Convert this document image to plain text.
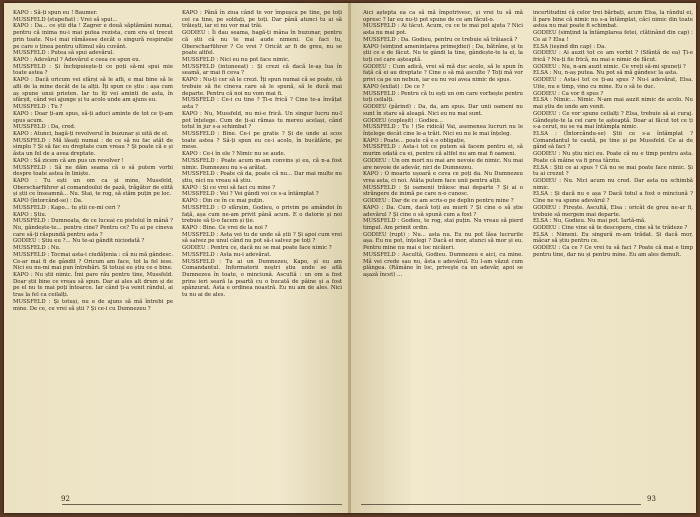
KAPO : Să-ți spun eu ! Baumer.

MUSSFELD (stupefiat) : Vrei să spui...

KAPO : Da... ce știi dta ! Zagrer e două săptămâni numai, pentru că inima nu-i mai putea rezista, cum era el trecut prin toate. Nu-i mai rămăsese decât o singură respirație pe care o ținea pentru ultimul său cuvânt.

MUSSFELD : Putea să spui adevărul.

KAPO : Adevărul ? Adevărul e ceea ce spun eu.

MUSSFELD : Și închipuiește-ți ce poți să-mi spui mie toate astea ?

KAPO : Dacă oricum vei sfârși să le afli, e mai bine să le afli de la mine decât de la alții. Îți spun ce știu : așa cum aș spune unui prieten. Iar tu îți vei aminti de asta, în sfârșit, când vei ajunge și tu acolo unde am ajuns eu.

MUSSFELD : Tu ?

KAPO : Doar ți-am spus, să-ți aduci aminte de tot ce ți-am spus acum.

MUSSFELD : Da, cred.

KAPO : Atunci, bagă-ți revolverul în buzunar și uită de el.

MUSSFELD : Mă lăsați numai : de ce să nu fac atât de simplu ? Și să fac eu dreptate cum vreau ? Și poate că e și ăsta un fel de a avea dreptate.

KAPO : Să zicem că am pus un revolver !

MUSSFELD : Să ne dăm seama că o să putem vorbi despre toate astea în liniște.

KAPO : Tu ești un om ca și mine, Mussfeld, Oberscharführer al comandoului de pază, trăgător de elită și știi ce înseamnă... Nu. Stai, te rog, să stăm puțin pe loc.

KAPO (întorcând-se) : Da.

MUSSFELD : Kapo... tu știi ce-mi ceri ?

KAPO : Știu.

MUSSFELD : Dumneata, de ce luceai cu pistolul în mână ? Nu, gândește-te... pentru cine? Pentru ce? Tu ai pe cineva care să-ți răspundă pentru asta ?

GODIEU : Știu eu ?... Nu te-ai gândit niciodată ?

MUSSFELD : Nu.

MUSSFELD : Tocmai asta-i ciudățenia : că nu mă gândesc. Ce-ar mai fi de gândit ? Oricum am face, tot la fel iese. Nici eu nu-mi mai pun întrebări. Și totuși eu știu ce e bine.

KAPO : Nu știi nimic. Îmi pare rău pentru tine, Mussfeld. Doar știi bine ce vreau să spun. Dar ai ales alt drum și de pe el nu te mai poți întoarce. Iar când ți-a venit rândul, ai tras la fel ca ceilalți.

MUSSFELD : Și totuși, nu e de ajuns să mă întrebi pe mine. De ce, ce vrei să știi ? Și ce-i cu Dumnezeu ?

KAPO : Până în ziua când te vor împușca pe tine, pe toți cei ca tine, pe soldați, pe toți. Dar până atunci tu ai să trăiești, iar ei nu vor mai trăi.

GODIEU : Îi dau seama, bagă-ți mâna în buzunar, pentru că știi că nu te mai aude nimeni. Ce faci tu, Oberscharführer ? Ce vrei ? Oricât ar fi de greu, nu se poate altfel.

MUSSFELD : Nici eu nu pot face nimic.

MUSSFELD (intuneeat) : Și crezi că dacă le-aș lua în seamă, ar mai fi ceva ?

KAPO : Nu-ți cer să le crezi. Îți spun numai că se poate, că trebuie să fie cineva care să le spună, să le ducă mai departe. Pentru că noi nu vom mai fi.

MUSSFELD : Ce-i cu tine ? Ți-e frică ? Cine te-a învățat asta ?

KAPO : Nu, Mussfeld, nu mi-e frică. Un singur lucru nu-l pot înțelege. Cum de ți-ai rămas tu mereu același, când totul în jur s-a schimbat ?

MUSSFELD : Bine. Ce-i pe gratis ? Și de unde ai scos toate astea ? Să-ți spun eu ce-i acolo, în bucătărie, pe mese.

KAPO : Ce-i în ele ? Nimic nu se aude.

MUSSFELD : Poate acum m-am convins și eu, că n-a fost nimic. Dumnezeu nu s-a arătat.

MUSSFELD : Poate că da, poate că nu... Dar mai multe nu știu, nici nu vreau să știu.

KAPO : Și ce vrei să faci cu mine ?

MUSSFELD : Vei ? Vei gândi voi ce s-a întâmplat ?

KAPO : Din ce în ce mai puțin.

MUSSFELD : O sfârșim, Godieu, o privim pe amândoi în față, așa cum ne-am privit până acum. E o datorie și noi trebuie să ți-o facem și ție.

KAPO : Bine. Ce vrei de la noi ?

MUSSFELD : Asta vei tu de unde să știi ? Și apoi cum vrei să salvez pe unul când nu pot să-i salvez pe toți ?

GODIEU : Pentru ce, dacă nu se mai poate face nimic ?

MUSSFELD : Asta nu-i adevărat.

MUSSFELD : Tu ai un Dumnezeu, Kapo, și eu am Comandantul. Informatorii noștri știu unde se află Dumnezeu în toate, o minciună. Ascultă : un om a fost prins ieri seară la poartă cu o bucată de pâine și a fost spânzurat. Asta e ordinea noastră. Eu nu am de ales. Nici tu nu ai de ales.

92

Aici aștepta ea ca să mă împotrivesc, și vrei tu să mă opresc ? Iar eu nu-ți pot spune de ce am făcut-o.

MUSSFELD : Ai tăcut. Acum, cu ce te mai pot ajuta ? Nici asta nu mai pot.

MUSSFELD : Da. Godieu, pentru ce trebuie să trăiască ?

KAPO (simțind amenințarea primejdiei) : Da, bătrâne, și tu știi ce e de făcut. Nu te gândi la tine, gândește-te la ei, la toți cei care așteaptă.

GODIEU : Cum adică, vrei să mă duc acolo, să le spun în față că ei au dreptate ? Cine o să mă asculte ? Toți mă vor privi ca pe un nebun, iar eu nu voi avea nimic de spus.

KAPO (exilat) : De ce ?

MUSSFELD : Pentru că tu ești un om care vorbește pentru toți ceilalți.

GODIEU (părind) : Da, da, am spus. Dar unii oameni nu sunt în stare să aleagă. Nici eu nu mai sunt.

GODIEU (copleșit) : Godieu...

MUSSFELD : Tu ! (Se ridică) Vai, asemenea lucruri nu le înțelege decât cine le-a trăit. Nici eu nu le mai înțeleg.

KAPO : Poate... poate că e o obligație.

MUSSFELD : Asta-i tot ce putem să facem pentru ei, să murim odată cu ei, pentru că altfel nu am mai fi oameni.

GODIEU : Un om mort nu mai are nevoie de nimic. Nu mai are nevoie de adevăr, nici de Dumnezeu.

KAPO : O moarte ușoară e ceva ce poți da. Nu Dumnezeu vrea asta, ci noi. Atâta putem face unii pentru alții.

MUSSFELD : Și oamenii trăiesc mai departe ? Și ai o strângere de inimă pe care n-o cunosc.

GODIEU : Dar de ce am scris-o pe deplin pentru mine ?

KAPO : Da. Cum, dacă toți au murit ? Și cine o să știe adevărul ? Și cine o să spună cum a fost ?

MUSSFELD : Godieu, te rog, stai puțin. Nu vreau să pierd timpul. Am primit ordin.

GODIEU (rupt) : Nu... asta nu. Eu nu pot lăsa lucrurile așa. Eu nu pot, înțelegi ? Dacă ei mor, atunci să mor și eu. Pentru mine nu mai e loc nicăieri.

MUSSFELD : Ascultă, Godieu. Dumnezeu e aici, cu mine. Mă vei crede sau nu, ăsta e adevărul. Eu l-am văzut cum plângea. (Rămâne în loc, priveşte ca un adevăr, apoi se aşază încet) ...

incertitudini că celor trei bărbați, acum Elsa, la rândul ei, îi pare bine că nimic nu s-a întâmplat, căci nimic din toate astea nu mai poate fi schimbat.

GODIEU (simțind la întâmplarea fetei, clătinând din cap) : Ce ai ? Elsa !

ELSA (ieșind din cap) : Da.

GODIEU : Ai auzit tot ce am vorbit ? (Sfântă de ea) Ți-e frică ? Nu-ți fie frică, nu mai e nimic de făcut.

GODIEU : Nu, n-am auzit nimic. Ce vreți să-mi spuneți ?

ELSA : Nu, n-aș putea. Nu pot să mă gândesc la asta.

GODIEU : Asta-i tot ce ți-au spus ? Nu-i adevărat, Elsa. Uite, nu e timp, vino cu mine. Eu o să te duc.

GODIEU : Ca vor fi spus ?

ELSA : Nimic... Nimic. N-am mai auzit nimic de acolo. Nu mai știu de unde am venit.

GODIEU : Ce vor spune ceilalți ? Elsa, trebuie să ai curaj. Gândește-te la cei care te așteaptă. Doar ai făcut tot ce ți s-a cerut, nu se va mai întâmpla nimic.

ELSA : (Întorcându-se) Știi ce s-a întâmplat ? Comandantul te caută, pe tine și pe Mussfeld. Ce ai de gând să faci ?

GODIEU : Nu știu nici eu. Poate că nu e timp pentru asta. Poate că mâine va fi prea târziu.

ELSA : Știi ce ai spus ? Că nu se mai poate face nimic. Și tu ai crezut ?

GODIEU : Nu. Nici acum nu cred. Dar asta nu schimbă nimic.

ELSA : Și dacă nu e așa ? Dacă totul a fost o minciună ? Cine ne va spune adevărul ?

GODIEU : Firește. Ascultă, Elsa : oricât de greu ne-ar fi, trebuie să mergem mai departe.

ELSA : Nu, Godieu. Nu mai pot. Iartă-mă.

GODIEU : Cine vine să te descopere, cine să te trădeze ?

ELSA : Nimeni. Eu singură m-am trădat. Și dacă mor, măcar să știu pentru ce.

GODIEU : Ca ce ? Ce vrei tu să faci ? Poate că mai e timp pentru tine, dar nu și pentru mine. Eu am ales demult.

93
